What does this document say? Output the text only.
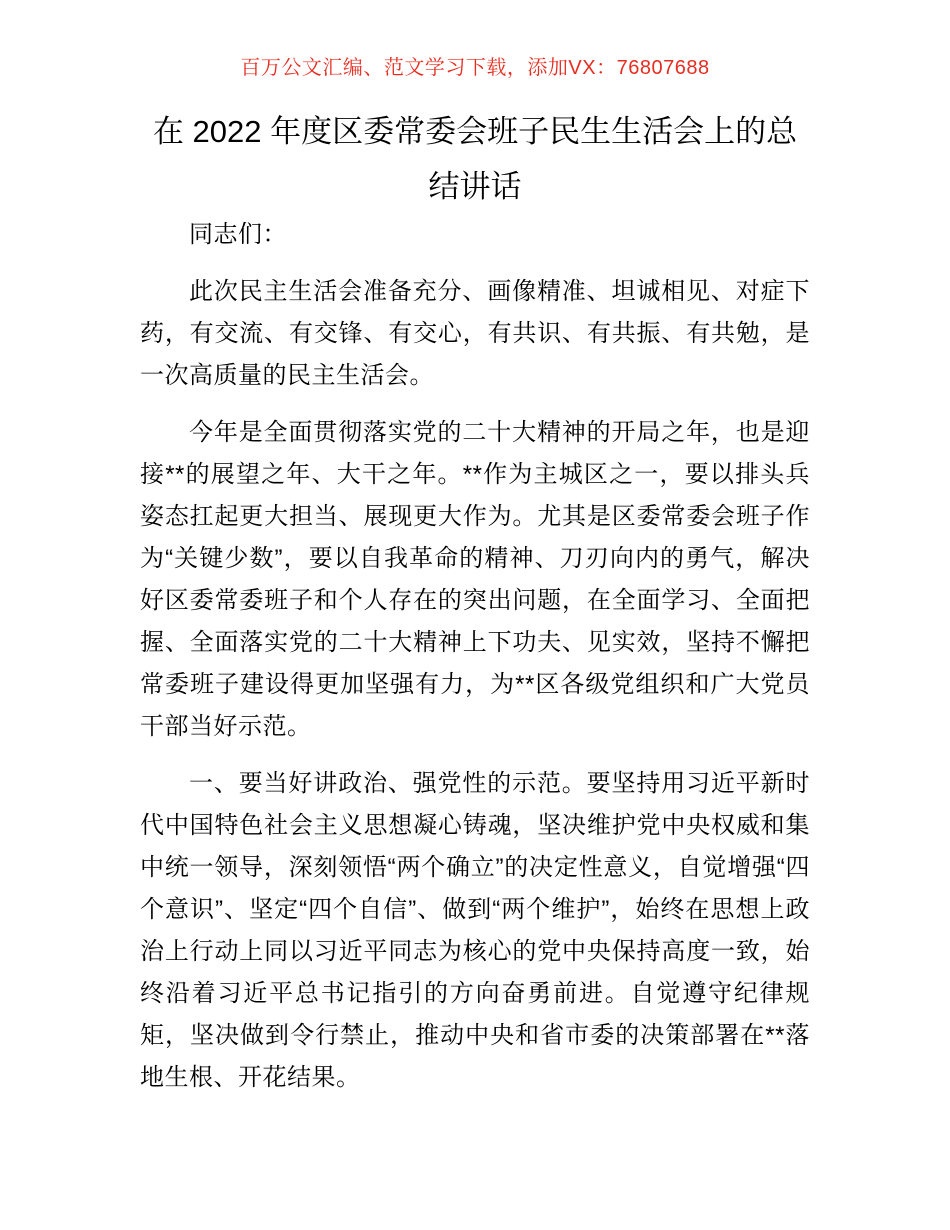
百万公文汇编、范文学习下载，添加VX：76807688
在 2022 年度区委常委会班子民生生活会上的总结讲话

同志们：

此次民主生活会准备充分、画像精准、坦诚相见、对症下药，有交流、有交锋、有交心，有共识、有共振、有共勉，是一次高质量的民主生活会。

今年是全面贯彻落实党的二十大精神的开局之年，也是迎接**的展望之年、大干之年。**作为主城区之一，要以排头兵姿态扛起更大担当、展现更大作为。尤其是区委常委会班子作为“关键少数”，要以自我革命的精神、刀刃向内的勇气，解决好区委常委班子和个人存在的突出问题，在全面学习、全面把握、全面落实党的二十大精神上下功夫、见实效，坚持不懈把常委班子建设得更加坚强有力，为**区各级党组织和广大党员干部当好示范。

一、要当好讲政治、强党性的示范。要坚持用习近平新时代中国特色社会主义思想凝心铸魂，坚决维护党中央权威和集中统一领导，深刻领悟“两个确立”的决定性意义，自觉增强“四个意识”、坚定“四个自信”、做到“两个维护”，始终在思想上政治上行动上同以习近平同志为核心的党中央保持高度一致，始终沿着习近平总书记指引的方向奋勇前进。自觉遵守纪律规矩，坚决做到令行禁止，推动中央和省市委的决策部署在**落地生根、开花结果。
